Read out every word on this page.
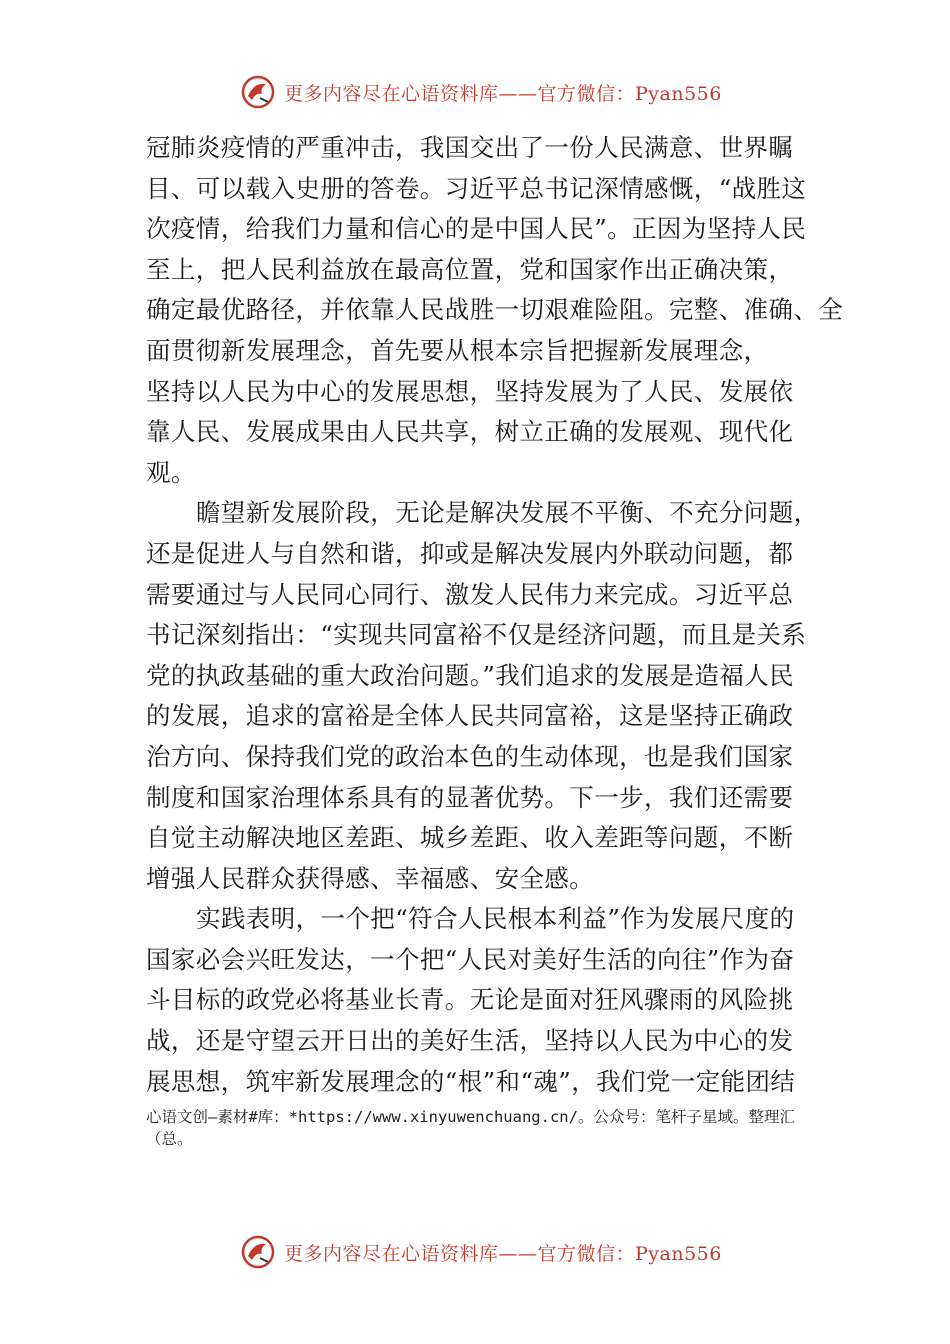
更多内容尽在心语资料库——官方微信：Pyan556
冠肺炎疫情的严重冲击，我国交出了一份人民满意、世界瞩
目、可以载入史册的答卷。习近平总书记深情感慨，“战胜这
次疫情，给我们力量和信心的是中国人民”。正因为坚持人民
至上，把人民利益放在最高位置，党和国家作出正确决策，
确定最优路径，并依靠人民战胜一切艰难险阻。完整、准确、全
面贯彻新发展理念，首先要从根本宗旨把握新发展理念，
坚持以人民为中心的发展思想，坚持发展为了人民、发展依
靠人民、发展成果由人民共享，树立正确的发展观、现代化
观。
瞻望新发展阶段，无论是解决发展不平衡、不充分问题，
还是促进人与自然和谐，抑或是解决发展内外联动问题，都
需要通过与人民同心同行、激发人民伟力来完成。习近平总
书记深刻指出：“实现共同富裕不仅是经济问题，而且是关系
党的执政基础的重大政治问题。”我们追求的发展是造福人民
的发展，追求的富裕是全体人民共同富裕，这是坚持正确政
治方向、保持我们党的政治本色的生动体现，也是我们国家
制度和国家治理体系具有的显著优势。下一步，我们还需要
自觉主动解决地区差距、城乡差距、收入差距等问题，不断
增强人民群众获得感、幸福感、安全感。
实践表明，一个把“符合人民根本利益”作为发展尺度的
国家必会兴旺发达，一个把“人民对美好生活的向往”作为奋
斗目标的政党必将基业长青。无论是面对狂风骤雨的风险挑
战，还是守望云开日出的美好生活，坚持以人民为中心的发
展思想，筑牢新发展理念的“根”和“魂”，我们党一定能团结
心语文创—素材#库：*https://www.xinyuwenchuang.cn/。公众号：笔杆子星域。整理汇
（总。
更多内容尽在心语资料库——官方微信：Pyan556
